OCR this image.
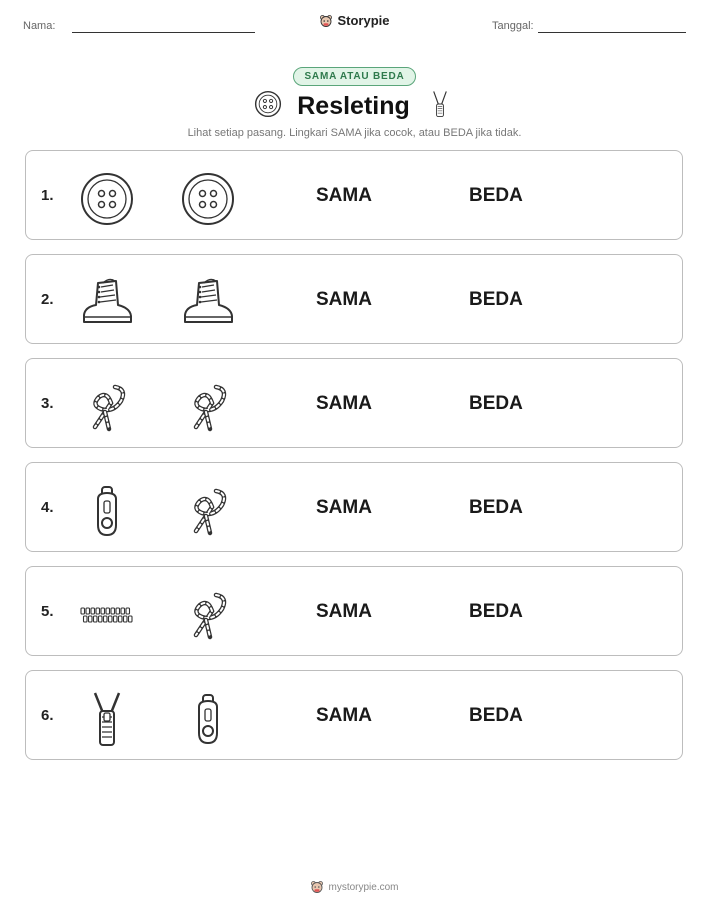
Nama:	Storypie	Tanggal:
SAMA ATAU BEDA
Resleting
Lihat setiap pasang. Lingkari SAMA jika cocok, atau BEDA jika tidak.
1.	SAMA	BEDA
2.	SAMA	BEDA
3.	SAMA	BEDA
4.	SAMA	BEDA
5.	SAMA	BEDA
6.	SAMA	BEDA
mystorypie.com
